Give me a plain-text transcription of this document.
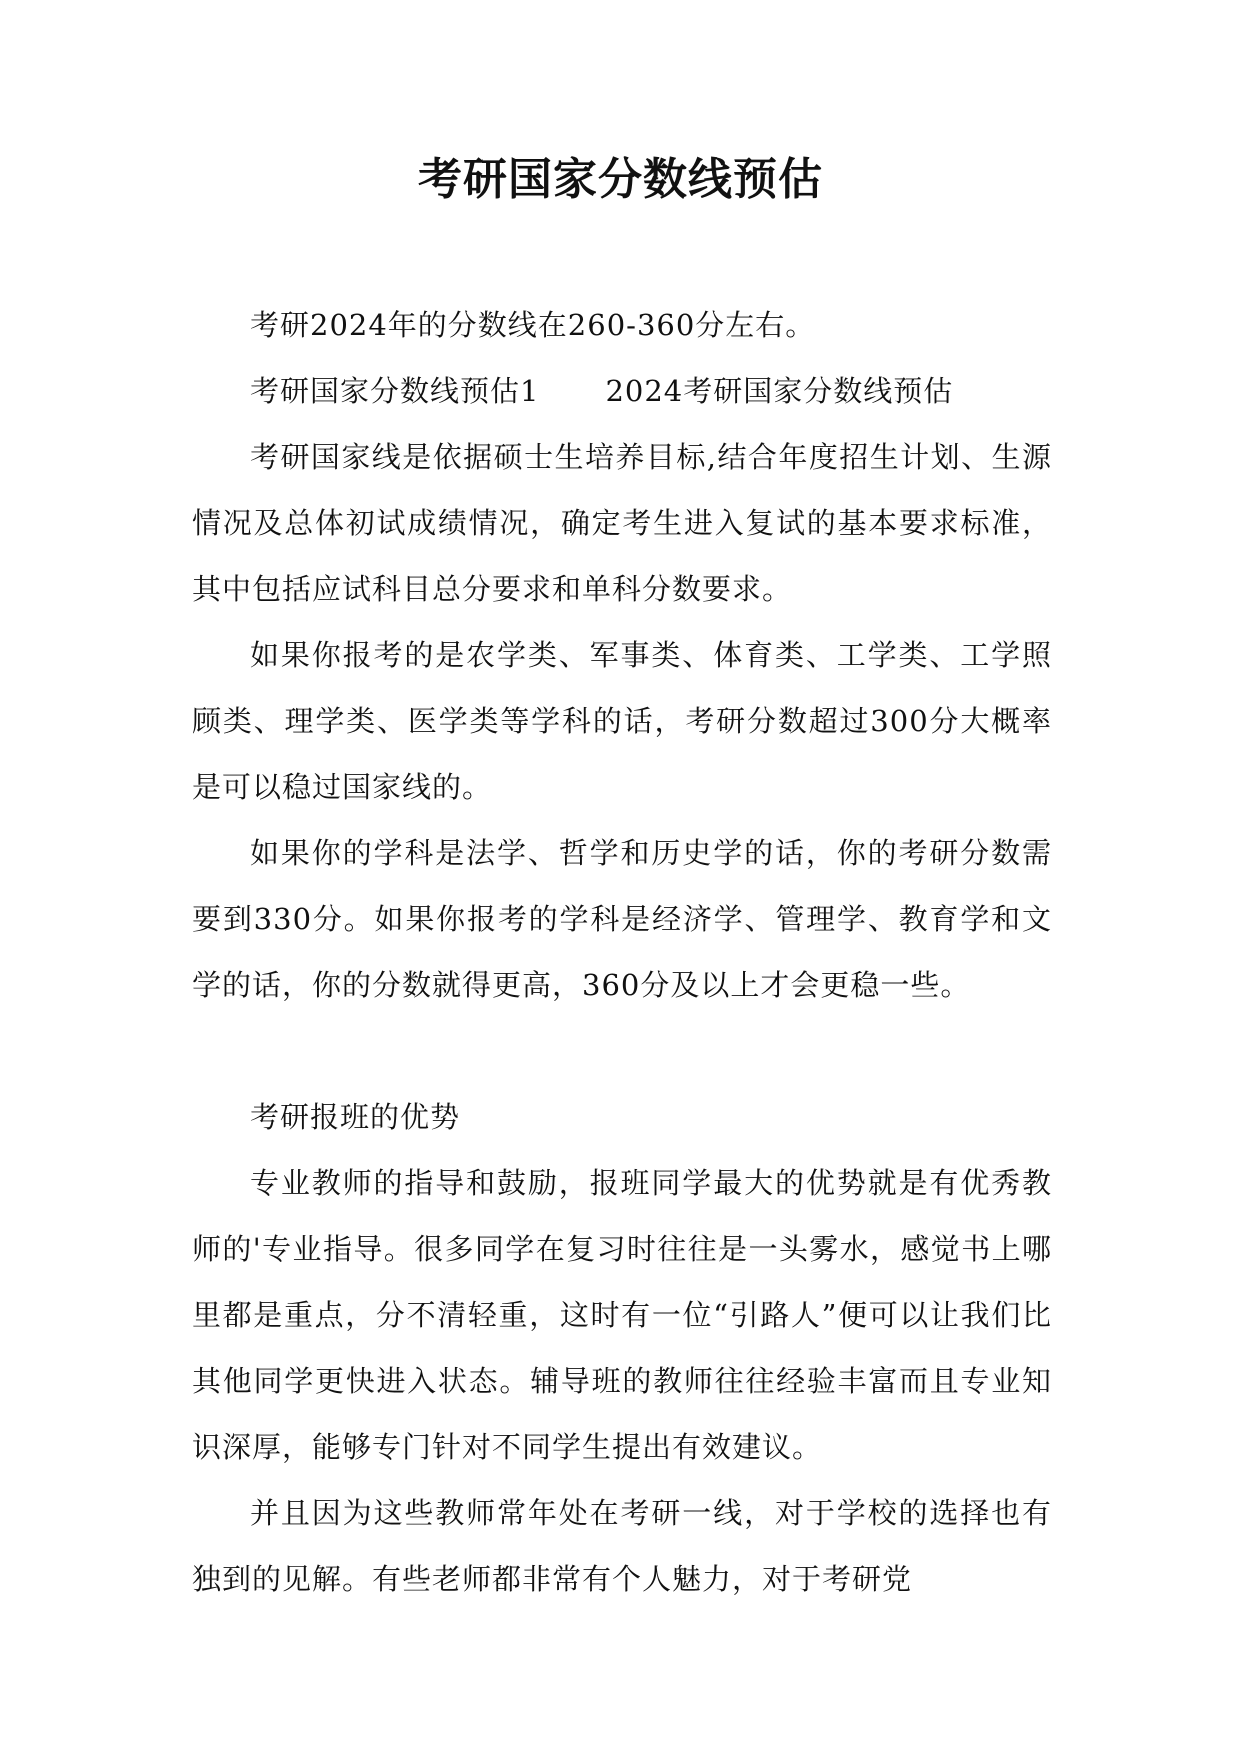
考研国家分数线预估

考研2024年的分数线在260-360分左右。

考研国家分数线预估1 2024考研国家分数线预估

考研国家线是依据硕士生培养目标,结合年度招生计划、生源情况及总体初试成绩情况，确定考生进入复试的基本要求标准，其中包括应试科目总分要求和单科分数要求。

如果你报考的是农学类、军事类、体育类、工学类、工学照顾类、理学类、医学类等学科的话，考研分数超过300分大概率是可以稳过国家线的。

如果你的学科是法学、哲学和历史学的话，你的考研分数需要到330分。如果你报考的学科是经济学、管理学、教育学和文学的话，你的分数就得更高，360分及以上才会更稳一些。

考研报班的优势

专业教师的指导和鼓励，报班同学最大的优势就是有优秀教师的'专业指导。很多同学在复习时往往是一头雾水，感觉书上哪里都是重点，分不清轻重，这时有一位“引路人”便可以让我们比其他同学更快进入状态。辅导班的教师往往经验丰富而且专业知识深厚，能够专门针对不同学生提出有效建议。

并且因为这些教师常年处在考研一线，对于学校的选择也有独到的见解。有些老师都非常有个人魅力，对于考研党
